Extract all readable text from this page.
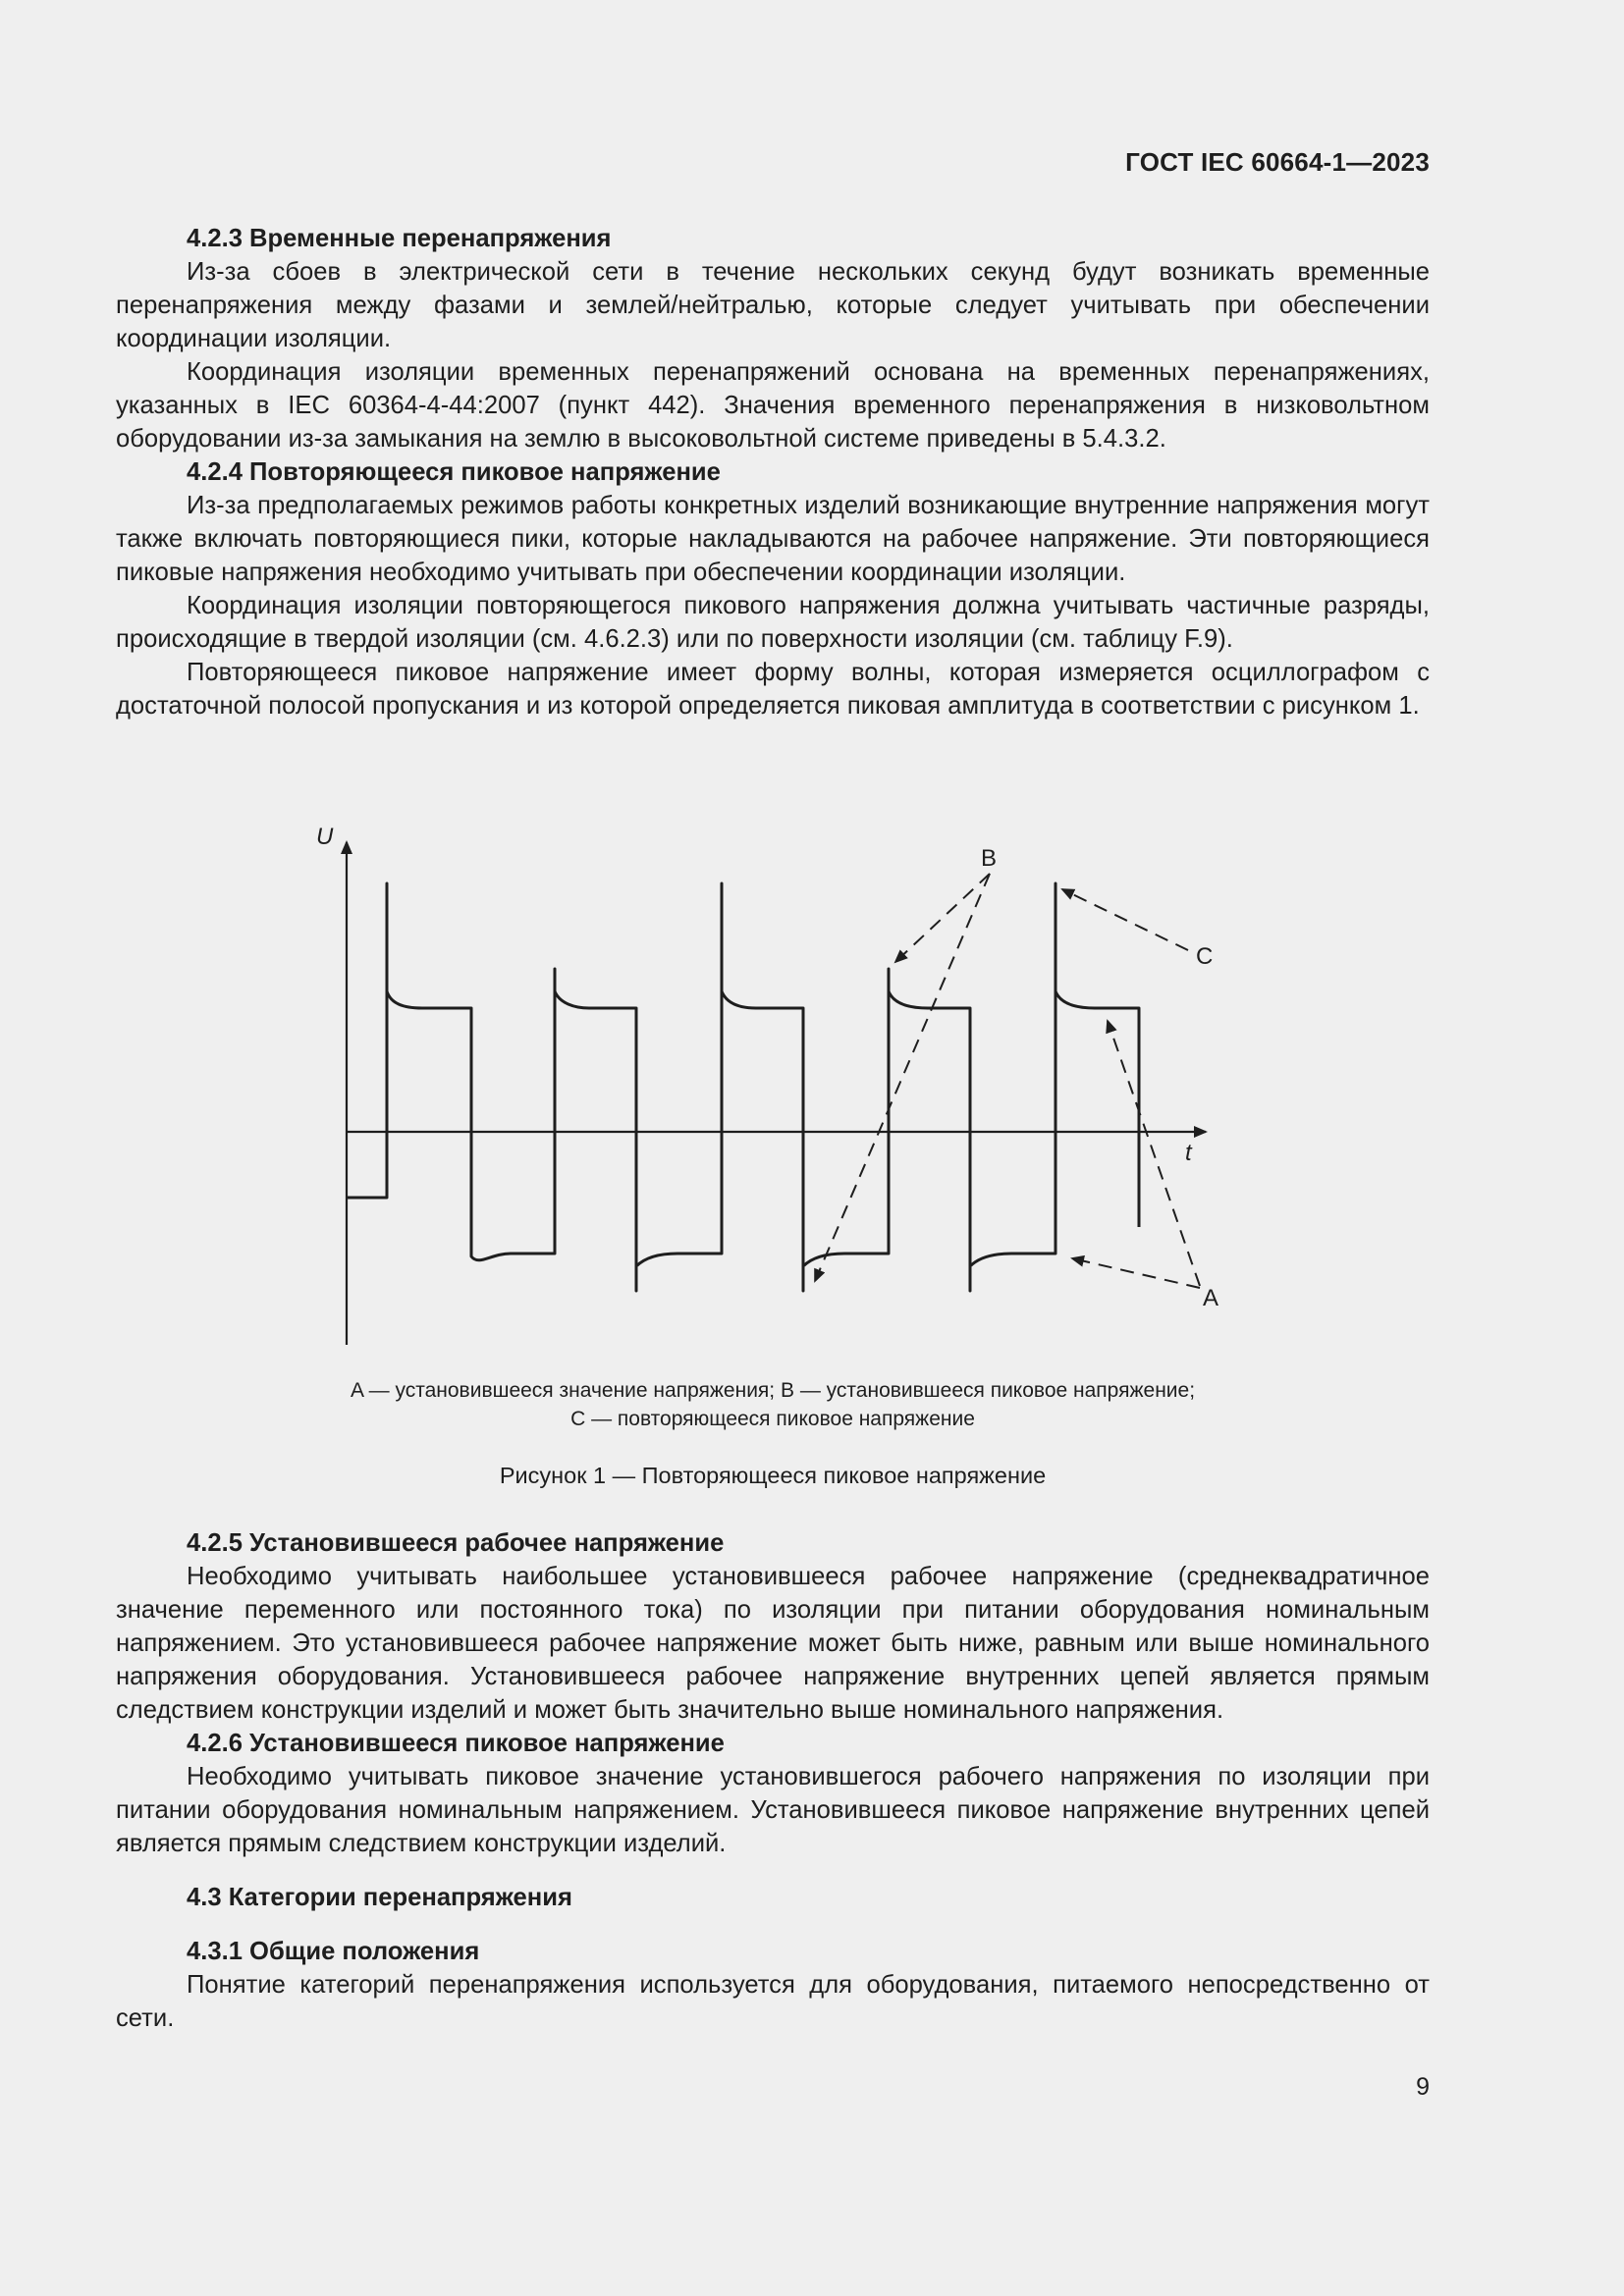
ГОСТ IEC 60664-1—2023
4.2.3 Временные перенапряжения

Из-за сбоев в электрической сети в течение нескольких секунд будут возникать временные перенапряжения между фазами и землей/нейтралью, которые следует учитывать при обеспечении координации изоляции.

Координация изоляции временных перенапряжений основана на временных перенапряжениях, указанных в IEC 60364-4-44:2007 (пункт 442). Значения временного перенапряжения в низковольтном оборудовании из-за замыкания на землю в высоковольтной системе приведены в 5.4.3.2.

4.2.4 Повторяющееся пиковое напряжение

Из-за предполагаемых режимов работы конкретных изделий возникающие внутренние напряжения могут также включать повторяющиеся пики, которые накладываются на рабочее напряжение. Эти повторяющиеся пиковые напряжения необходимо учитывать при обеспечении координации изоляции.

Координация изоляции повторяющегося пикового напряжения должна учитывать частичные разряды, происходящие в твердой изоляции (см. 4.6.2.3) или по поверхности изоляции (см. таблицу F.9).

Повторяющееся пиковое напряжение имеет форму волны, которая измеряется осциллографом с достаточной полосой пропускания и из которой определяется пиковая амплитуда в соответствии с рисунком 1.

U
t
B
C
A
A — установившееся значение напряжения; B — установившееся пиковое напряжение;
C — повторяющееся пиковое напряжение
Рисунок 1 — Повторяющееся пиковое напряжение
4.2.5 Установившееся рабочее напряжение

Необходимо учитывать наибольшее установившееся рабочее напряжение (среднеквадратичное значение переменного или постоянного тока) по изоляции при питании оборудования номинальным напряжением. Это установившееся рабочее напряжение может быть ниже, равным или выше номинального напряжения оборудования. Установившееся рабочее напряжение внутренних цепей является прямым следствием конструкции изделий и может быть значительно выше номинального напряжения.

4.2.6 Установившееся пиковое напряжение

Необходимо учитывать пиковое значение установившегося рабочего напряжения по изоляции при питании оборудования номинальным напряжением. Установившееся пиковое напряжение внутренних цепей является прямым следствием конструкции изделий.

4.3 Категории перенапряжения
4.3.1 Общие положения

Понятие категорий перенапряжения используется для оборудования, питаемого непосредственно от сети.

9
